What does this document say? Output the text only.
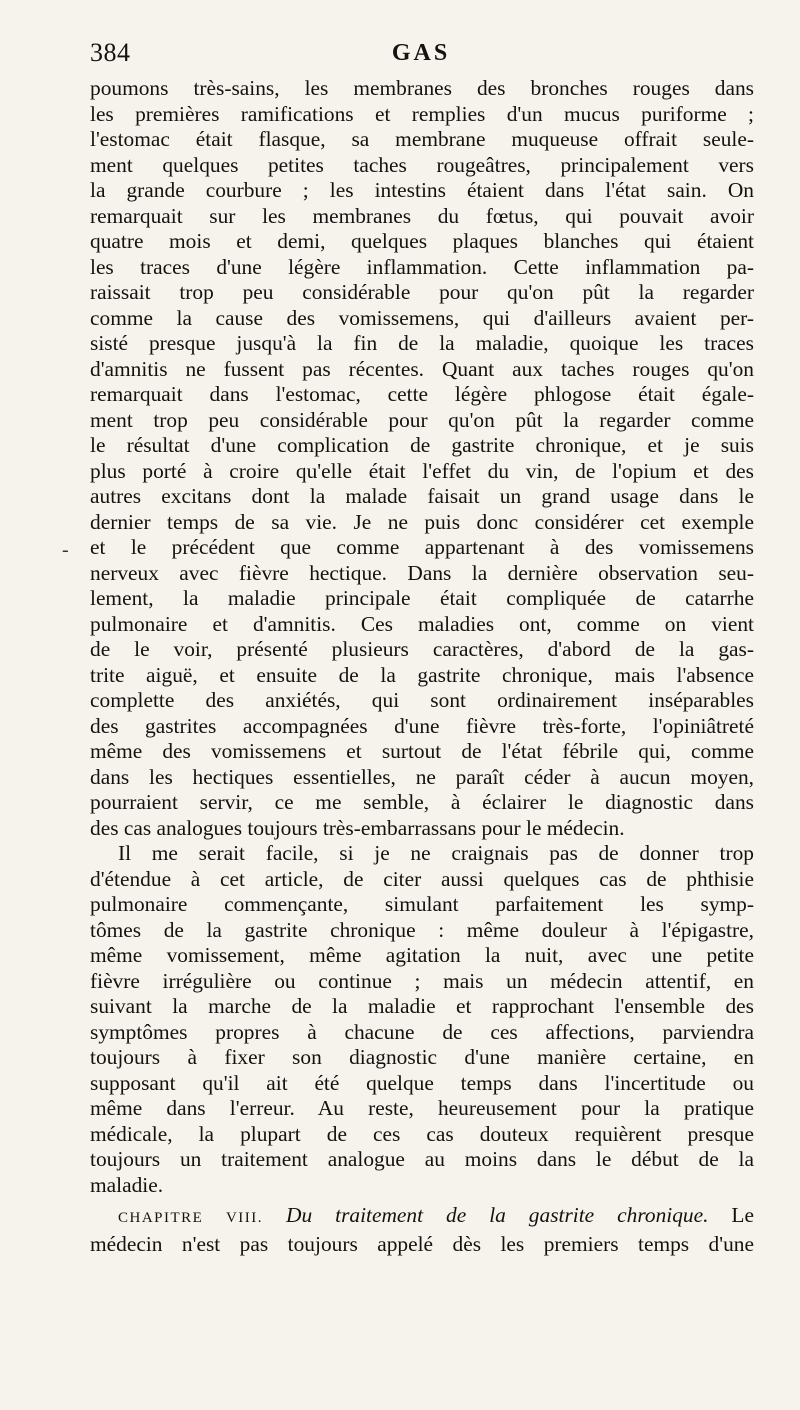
384	GAS
-
poumons très-sains, les membranes des bronches rouges dans
les premières ramifications et remplies d'un mucus puriforme ;
l'estomac était flasque, sa membrane muqueuse offrait seule-
ment quelques petites taches rougeâtres, principalement vers
la grande courbure ; les intestins étaient dans l'état sain. On
remarquait sur les membranes du fœtus, qui pouvait avoir
quatre mois et demi, quelques plaques blanches qui étaient
les traces d'une légère inflammation. Cette inflammation pa-
raissait trop peu considérable pour qu'on pût la regarder
comme la cause des vomissemens, qui d'ailleurs avaient per-
sisté presque jusqu'à la fin de la maladie, quoique les traces
d'amnitis ne fussent pas récentes. Quant aux taches rouges qu'on
remarquait dans l'estomac, cette légère phlogose était égale-
ment trop peu considérable pour qu'on pût la regarder comme
le résultat d'une complication de gastrite chronique, et je suis
plus porté à croire qu'elle était l'effet du vin, de l'opium et des
autres excitans dont la malade faisait un grand usage dans le
dernier temps de sa vie. Je ne puis donc considérer cet exemple
et le précédent que comme appartenant à des vomissemens
nerveux avec fièvre hectique. Dans la dernière observation seu-
lement, la maladie principale était compliquée de catarrhe
pulmonaire et d'amnitis. Ces maladies ont, comme on vient
de le voir, présenté plusieurs caractères, d'abord de la gas-
trite aiguë, et ensuite de la gastrite chronique, mais l'absence
complette des anxiétés, qui sont ordinairement inséparables
des gastrites accompagnées d'une fièvre très-forte, l'opiniâtreté
même des vomissemens et surtout de l'état fébrile qui, comme
dans les hectiques essentielles, ne paraît céder à aucun moyen,
pourraient servir, ce me semble, à éclairer le diagnostic dans
des cas analogues toujours très-embarrassans pour le médecin.
Il me serait facile, si je ne craignais pas de donner trop
d'étendue à cet article, de citer aussi quelques cas de phthisie
pulmonaire commençante, simulant parfaitement les symp-
tômes de la gastrite chronique : même douleur à l'épigastre,
même vomissement, même agitation la nuit, avec une petite
fièvre irrégulière ou continue ; mais un médecin attentif, en
suivant la marche de la maladie et rapprochant l'ensemble des
symptômes propres à chacune de ces affections, parviendra
toujours à fixer son diagnostic d'une manière certaine, en
supposant qu'il ait été quelque temps dans l'incertitude ou
même dans l'erreur. Au reste, heureusement pour la pratique
médicale, la plupart de ces cas douteux requièrent presque
toujours un traitement analogue au moins dans le début de la
maladie.
CHAPITRE VIII. Du traitement de la gastrite chronique. Le
médecin n'est pas toujours appelé dès les premiers temps d'une
